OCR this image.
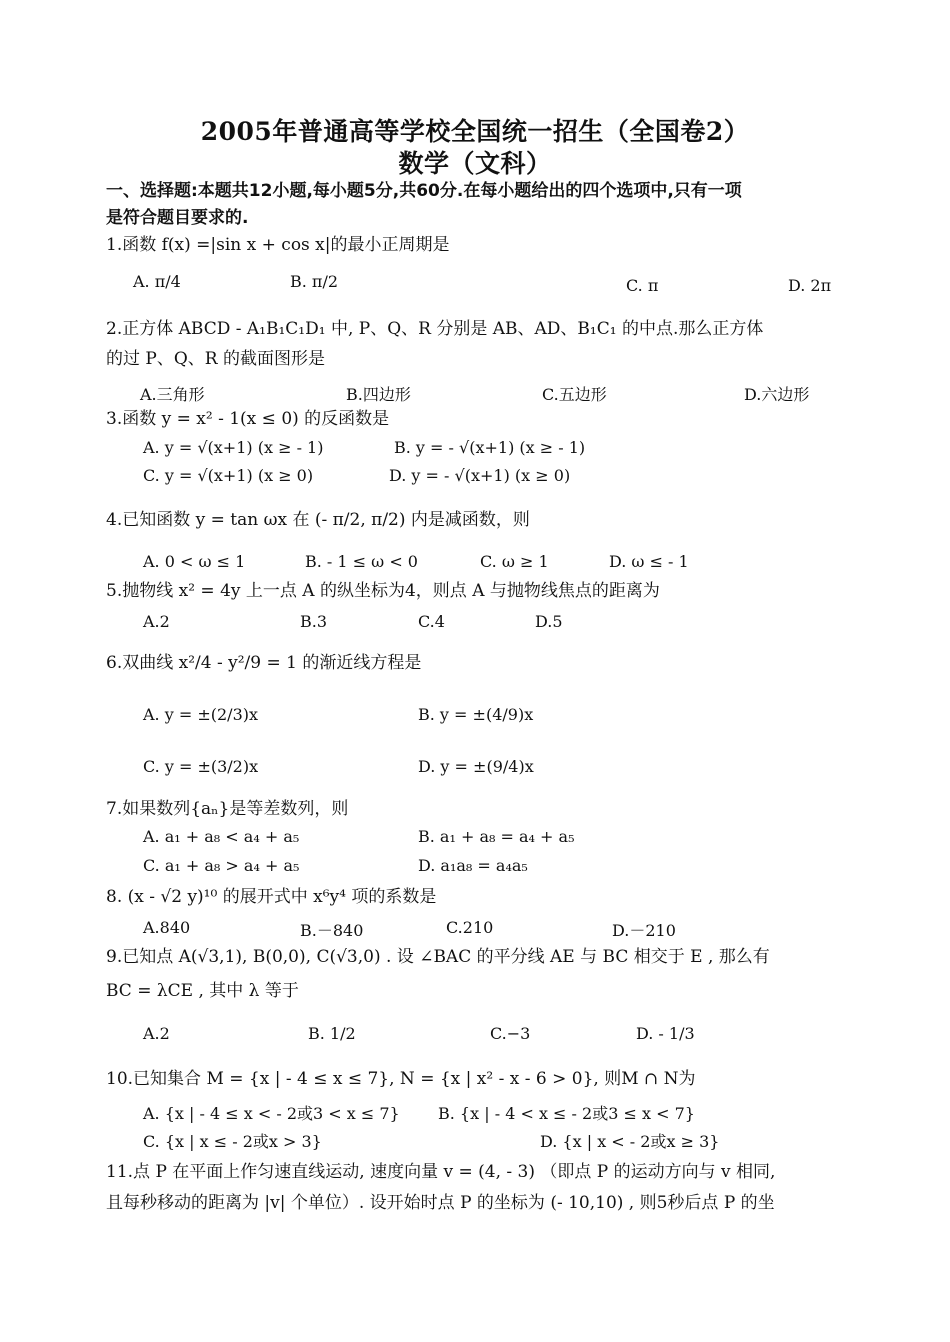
2005年普通高等学校全国统一招生（全国卷2）
数学（文科）
一、选择题:本题共12小题,每小题5分,共60分.在每小题给出的四个选项中,只有一项
是符合题目要求的.
1.函数 f(x) =|sin x + cos x|的最小正周期是
A. π/4	B. π/2	C. π	D. 2π
2.正方体 ABCD - A₁B₁C₁D₁ 中, P、Q、R 分别是 AB、AD、B₁C₁ 的中点.那么正方体
的过 P、Q、R 的截面图形是
A.三角形	B.四边形	C.五边形	D.六边形
3.函数 y = x² - 1(x ≤ 0) 的反函数是
A. y = √(x+1) (x ≥ - 1)	B. y = - √(x+1) (x ≥ - 1)
C. y = √(x+1) (x ≥ 0)	D. y = - √(x+1) (x ≥ 0)
4.已知函数 y = tan ωx 在 (- π/2, π/2) 内是减函数，则
A. 0 < ω ≤ 1	B. - 1 ≤ ω < 0	C. ω ≥ 1	D. ω ≤ - 1
5.抛物线 x² = 4y 上一点 A 的纵坐标为4，则点 A 与抛物线焦点的距离为
A.2	B.3	C.4	D.5
6.双曲线 x²/4 - y²/9 = 1 的渐近线方程是
A. y = ±(2/3)x	B. y = ±(4/9)x
C. y = ±(3/2)x	D. y = ±(9/4)x
7.如果数列{aₙ}是等差数列，则
A. a₁ + a₈ < a₄ + a₅	B. a₁ + a₈ = a₄ + a₅
C. a₁ + a₈ > a₄ + a₅	D. a₁a₈ = a₄a₅
8. (x - √2 y)¹⁰ 的展开式中 x⁶y⁴ 项的系数是
A.840	B.－840	C.210	D.－210
9.已知点 A(√3,1), B(0,0), C(√3,0) . 设 ∠BAC 的平分线 AE 与 BC 相交于 E , 那么有
BC = λCE , 其中 λ 等于
A.2	B. 1/2	C.−3	D. - 1/3
10.已知集合 M = {x | - 4 ≤ x ≤ 7}, N = {x | x² - x - 6 > 0}, 则M ∩ N为
A. {x | - 4 ≤ x < - 2或3 < x ≤ 7} B. {x | - 4 < x ≤ - 2或3 ≤ x < 7}
C. {x | x ≤ - 2或x > 3}	D. {x | x < - 2或x ≥ 3}
11.点 P 在平面上作匀速直线运动, 速度向量 v = (4, - 3) （即点 P 的运动方向与 v 相同,
且每秒移动的距离为 |v| 个单位）. 设开始时点 P 的坐标为 (- 10,10) , 则5秒后点 P 的坐
